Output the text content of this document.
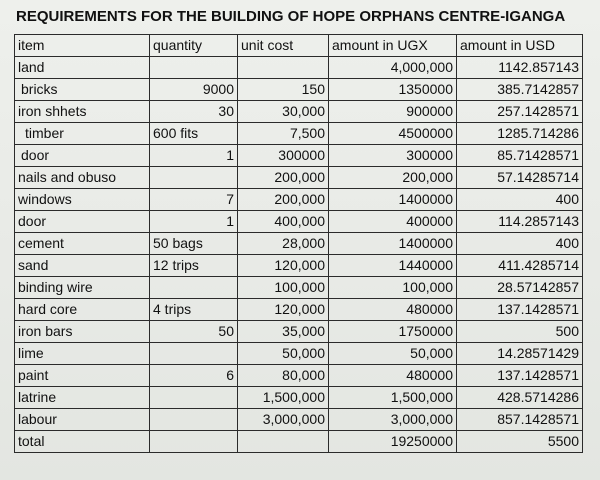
REQUIREMENTS FOR THE BUILDING OF HOPE ORPHANS CENTRE-IGANGA
item	quantity	unit cost	amount in UGX	amount in USD
land			4,000,000	1142.857143
bricks	9000	150	1350000	385.7142857
iron shhets	30	30,000	900000	257.1428571
timber	600 fits	7,500	4500000	1285.714286
door	1	300000	300000	85.71428571
nails and obuso		200,000	200,000	57.14285714
windows	7	200,000	1400000	400
door	1	400,000	400000	114.2857143
cement	50 bags	28,000	1400000	400
sand	12 trips	120,000	1440000	411.4285714
binding wire		100,000	100,000	28.57142857
hard core	4 trips	120,000	480000	137.1428571
iron bars	50	35,000	1750000	500
lime		50,000	50,000	14.28571429
paint	6	80,000	480000	137.1428571
latrine		1,500,000	1,500,000	428.5714286
labour		3,000,000	3,000,000	857.1428571
total			19250000	5500
